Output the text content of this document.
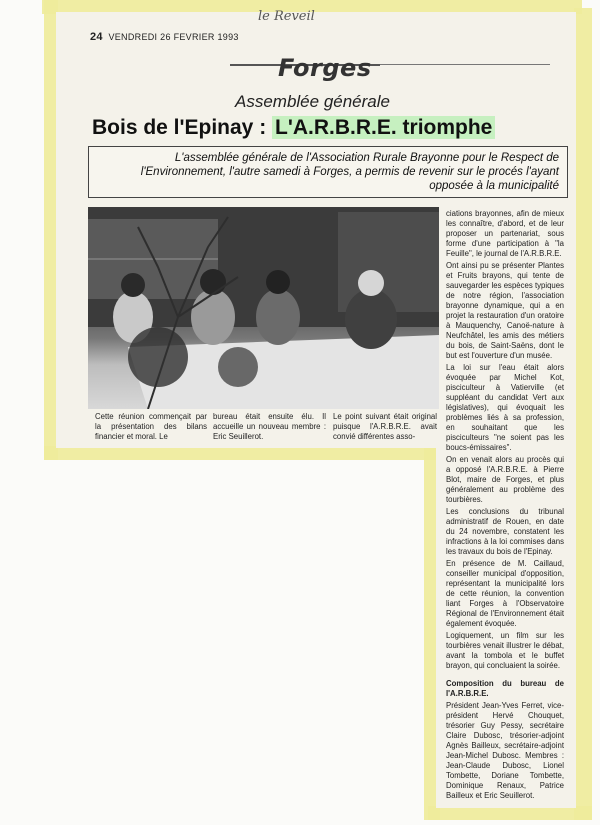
24 VENDREDI 26 FEVRIER 1993
le Reveil
Forges
Assemblée générale
Bois de l'Epinay : L'A.R.B.R.E. triomphe
L'assemblée générale de l'Association Rurale Brayonne pour le Respect de l'Environnement, l'autre samedi à Forges, a permis de revenir sur le procés l'ayant opposée à la municipalité
Cette réunion commençait par la présentation des bilans financier et moral. Le
bureau était ensuite élu. Il accueille un nouveau membre : Eric Seuillerot.
Le point suivant était original puisque l'A.R.B.R.E. avait convié différentes asso-

ciations brayonnes, afin de mieux les connaître, d'abord, et de leur proposer un partenariat, sous forme d'une participation à "la Feuille", le journal de l'A.R.B.R.E.

Ont ainsi pu se présenter Plantes et Fruits brayons, qui tente de sauvegarder les espèces typiques de notre région, l'association brayonne dynamique, qui a en projet la restauration d'un oratoire à Mauquenchy, Canoë-nature à Neufchâtel, les amis des métiers du bois, de Saint-Saëns, dont le but est l'ouverture d'un musée.

La loi sur l'eau était alors évoquée par Michel Kot, pisciculteur à Vatierville (et suppléant du candidat Vert aux législatives), qui évoquait les problèmes liés à sa profession, en souhaitant que les pisciculteurs "ne soient pas les boucs-émissaires".

On en venait alors au procès qui a opposé l'A.R.B.R.E. à Pierre Blot, maire de Forges, et plus généralement au problème des tourbières.

Les conclusions du tribunal administratif de Rouen, en date du 24 novembre, constatent les infractions à la loi commises dans les travaux du bois de l'Epinay.

En présence de M. Caillaud, conseiller municipal d'opposition, représentant la municipalité lors de cette réunion, la convention liant Forges à l'Observatoire Régional de l'Environnement était également évoquée.

Logiquement, un film sur les tourbières venait illustrer le débat, avant la tombola et le buffet brayon, qui concluaient la soirée.

Composition du bureau de l'A.R.B.R.E.

Président Jean-Yves Ferret, vice-président Hervé Chouquet, trésorier Guy Pessy, secrétaire Claire Dubosc, trésorier-adjoint Agnès Bailleux, secrétaire-adjoint Jean-Michel Dubosc. Membres : Jean-Claude Dubosc, Lionel Tombette, Doriane Tombette, Dominique Renaux, Patrice Bailleux et Eric Seuillerot.
